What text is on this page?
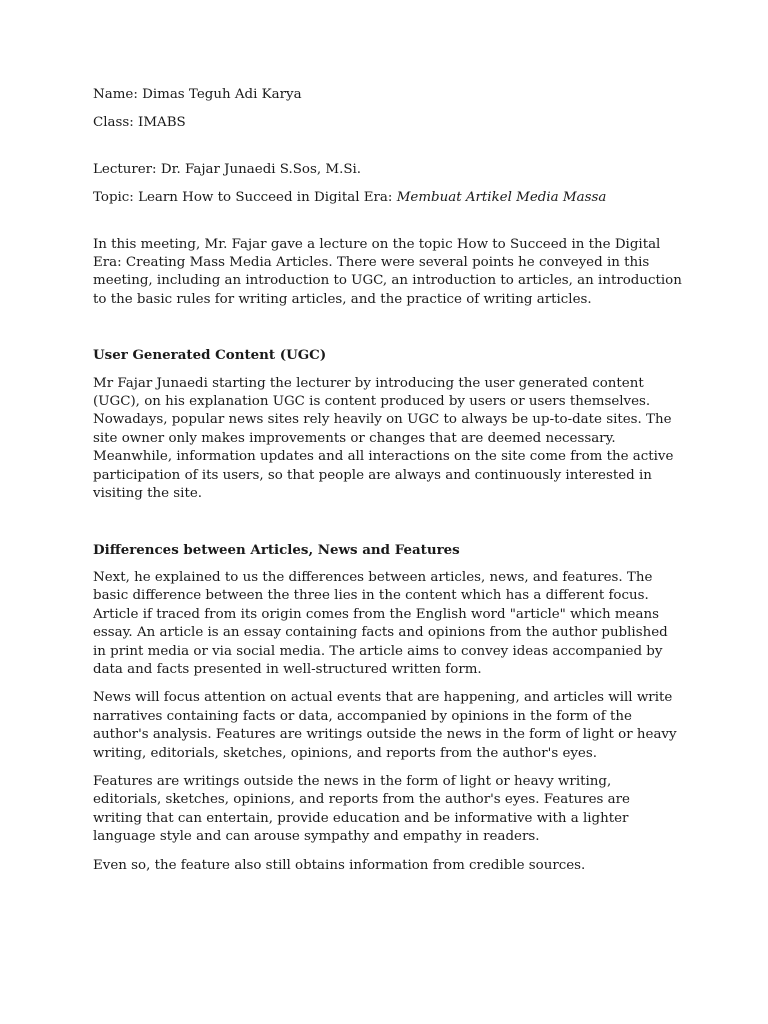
Name: Dimas Teguh Adi Karya

Class: IMABS

Lecturer: Dr. Fajar Junaedi S.Sos, M.Si.

Topic: Learn How to Succeed in Digital Era: Membuat Artikel Media Massa

In this meeting, Mr. Fajar gave a lecture on the topic How to Succeed in the Digital Era: Creating Mass Media Articles. There were several points he conveyed in this meeting, including an introduction to UGC, an introduction to articles, an introduction to the basic rules for writing articles, and the practice of writing articles.

User Generated Content (UGC)

Mr Fajar Junaedi starting the lecturer by introducing the user generated content (UGC), on his explanation UGC is content produced by users or users themselves. Nowadays, popular news sites rely heavily on UGC to always be up-to-date sites. The site owner only makes improvements or changes that are deemed necessary. Meanwhile, information updates and all interactions on the site come from the active participation of its users, so that people are always and continuously interested in visiting the site.

Differences between Articles, News and Features

Next, he explained to us the differences between articles, news, and features. The basic difference between the three lies in the content which has a different focus. Article if traced from its origin comes from the English word "article" which means essay. An article is an essay containing facts and opinions from the author published in print media or via social media. The article aims to convey ideas accompanied by data and facts presented in well-structured written form.

News will focus attention on actual events that are happening, and articles will write narratives containing facts or data, accompanied by opinions in the form of the author's analysis. Features are writings outside the news in the form of light or heavy writing, editorials, sketches, opinions, and reports from the author's eyes.

Features are writings outside the news in the form of light or heavy writing, editorials, sketches, opinions, and reports from the author's eyes. Features are writing that can entertain, provide education and be informative with a lighter language style and can arouse sympathy and empathy in readers.

Even so, the feature also still obtains information from credible sources.
